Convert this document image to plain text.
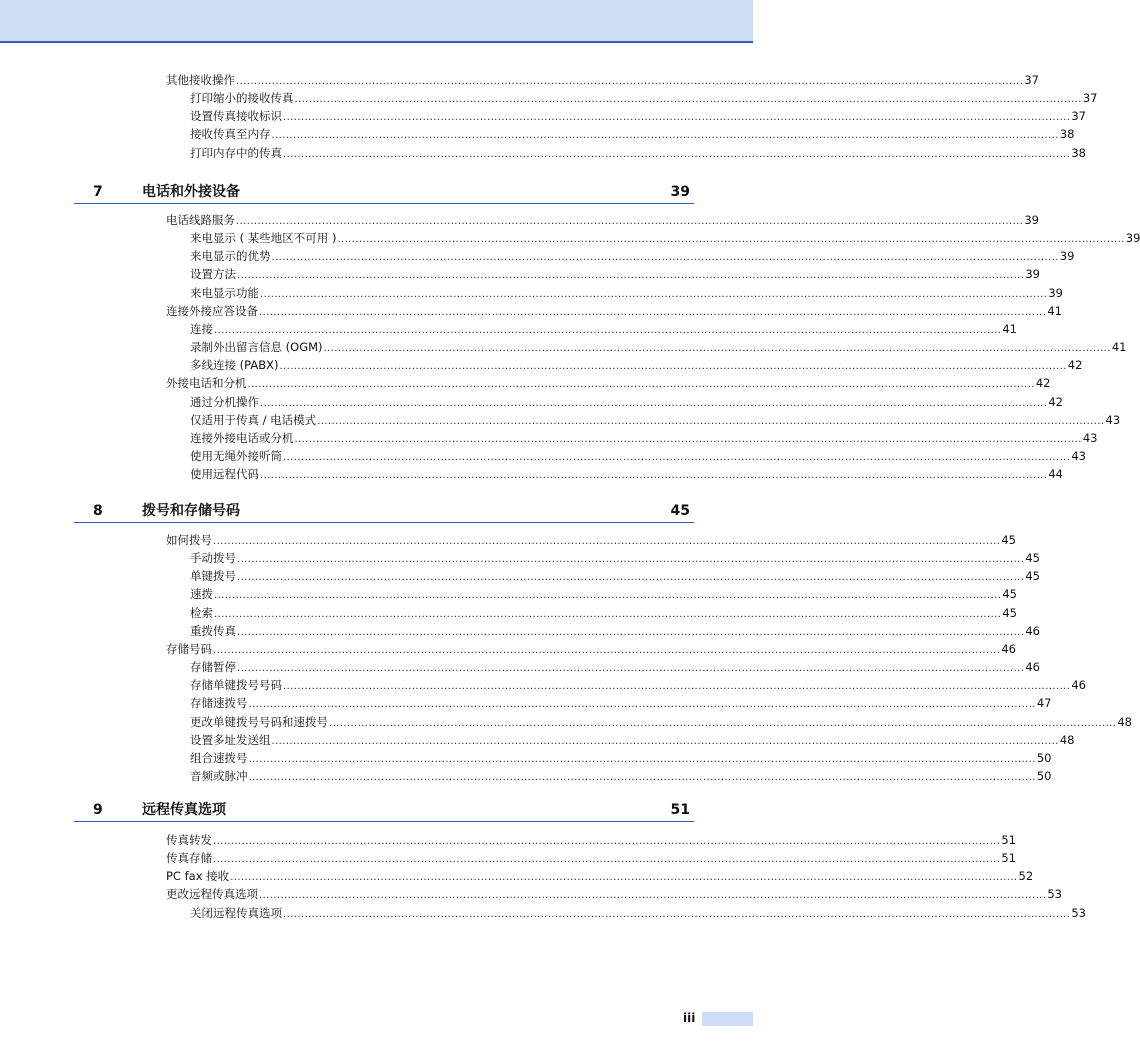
其他接收操作 ............................................................................................................................................................................................................................ 37
打印缩小的接收传真 ............................................................................................................................................................................................................................ 37
设置传真接收标识 ............................................................................................................................................................................................................................ 37
接收传真至内存 ............................................................................................................................................................................................................................ 38
打印内存中的传真 ............................................................................................................................................................................................................................ 38
7	电话和外接设备	39
电话线路服务 ............................................................................................................................................................................................................................ 39
来电显示 ( 某些地区不可用 ) ............................................................................................................................................................................................................................ 39
来电显示的优势 ............................................................................................................................................................................................................................ 39
设置方法 ............................................................................................................................................................................................................................ 39
来电显示功能 ............................................................................................................................................................................................................................ 39
连接外接应答设备 ............................................................................................................................................................................................................................ 41
连接 ............................................................................................................................................................................................................................ 41
录制外出留言信息 (OGM) ............................................................................................................................................................................................................................ 41
多线连接 (PABX) ............................................................................................................................................................................................................................ 42
外接电话和分机 ............................................................................................................................................................................................................................ 42
通过分机操作 ............................................................................................................................................................................................................................ 42
仅适用于传真 / 电话模式 ............................................................................................................................................................................................................................ 43
连接外接电话或分机 ............................................................................................................................................................................................................................ 43
使用无绳外接听筒 ............................................................................................................................................................................................................................ 43
使用远程代码 ............................................................................................................................................................................................................................ 44
8	拨号和存储号码	45
如何拨号 ............................................................................................................................................................................................................................ 45
手动拨号 ............................................................................................................................................................................................................................ 45
单键拨号 ............................................................................................................................................................................................................................ 45
速拨 ............................................................................................................................................................................................................................ 45
检索 ............................................................................................................................................................................................................................ 45
重拨传真 ............................................................................................................................................................................................................................ 46
存储号码 ............................................................................................................................................................................................................................ 46
存储暂停 ............................................................................................................................................................................................................................ 46
存储单键拨号号码 ............................................................................................................................................................................................................................ 46
存储速拨号 ............................................................................................................................................................................................................................ 47
更改单键拨号号码和速拨号 ............................................................................................................................................................................................................................ 48
设置多址发送组 ............................................................................................................................................................................................................................ 48
组合速拨号 ............................................................................................................................................................................................................................ 50
音频或脉冲 ............................................................................................................................................................................................................................ 50
9	远程传真选项	51
传真转发 ............................................................................................................................................................................................................................ 51
传真存储 ............................................................................................................................................................................................................................ 51
PC fax 接收 ............................................................................................................................................................................................................................ 52
更改远程传真选项 ............................................................................................................................................................................................................................ 53
关闭远程传真选项 ............................................................................................................................................................................................................................ 53
iii
